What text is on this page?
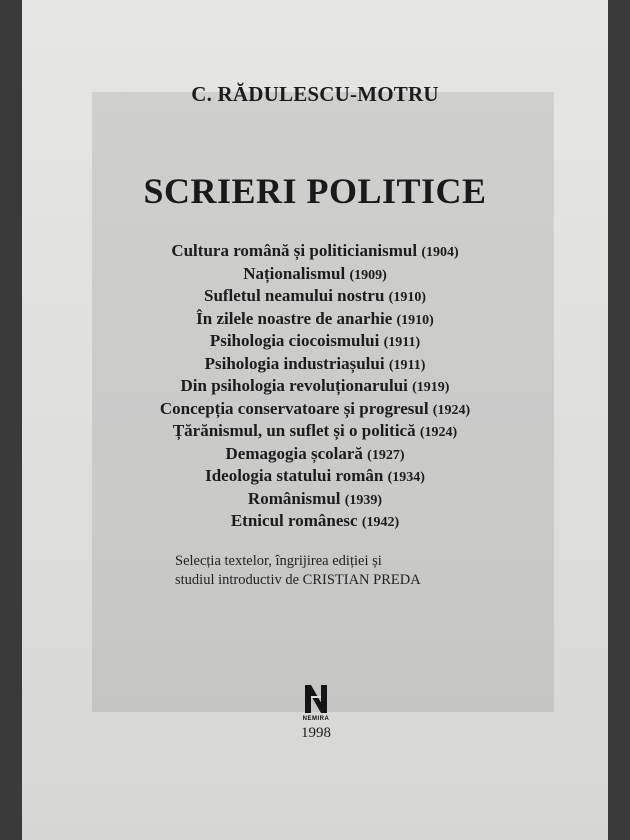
C. RĂDULESCU-MOTRU
SCRIERI POLITICE
Cultura română și politicianismul (1904)
Naționalismul (1909)
Sufletul neamului nostru (1910)
În zilele noastre de anarhie (1910)
Psihologia ciocoismului (1911)
Psihologia industriașului (1911)
Din psihologia revoluționarului (1919)
Concepția conservatoare și progresul (1924)
Țărănismul, un suflet și o politică (1924)
Demagogia școlară (1927)
Ideologia statului român (1934)
Românismul (1939)
Etnicul românesc (1942)
Selecția textelor, îngrijirea ediției și
studiul introductiv de CRISTIAN PREDA
NEMIRA
1998
